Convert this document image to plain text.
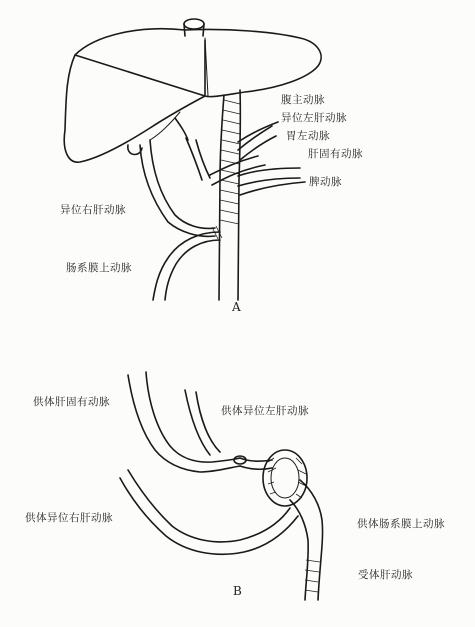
腹主动脉
异位左肝动脉
胃左动脉
肝固有动脉
脾动脉
异位右肝动脉
肠系膜上动脉
A
供体肝固有动脉
供体异位左肝动脉
供体异位右肝动脉	供体肠系膜上动脉
受体肝动脉
B
